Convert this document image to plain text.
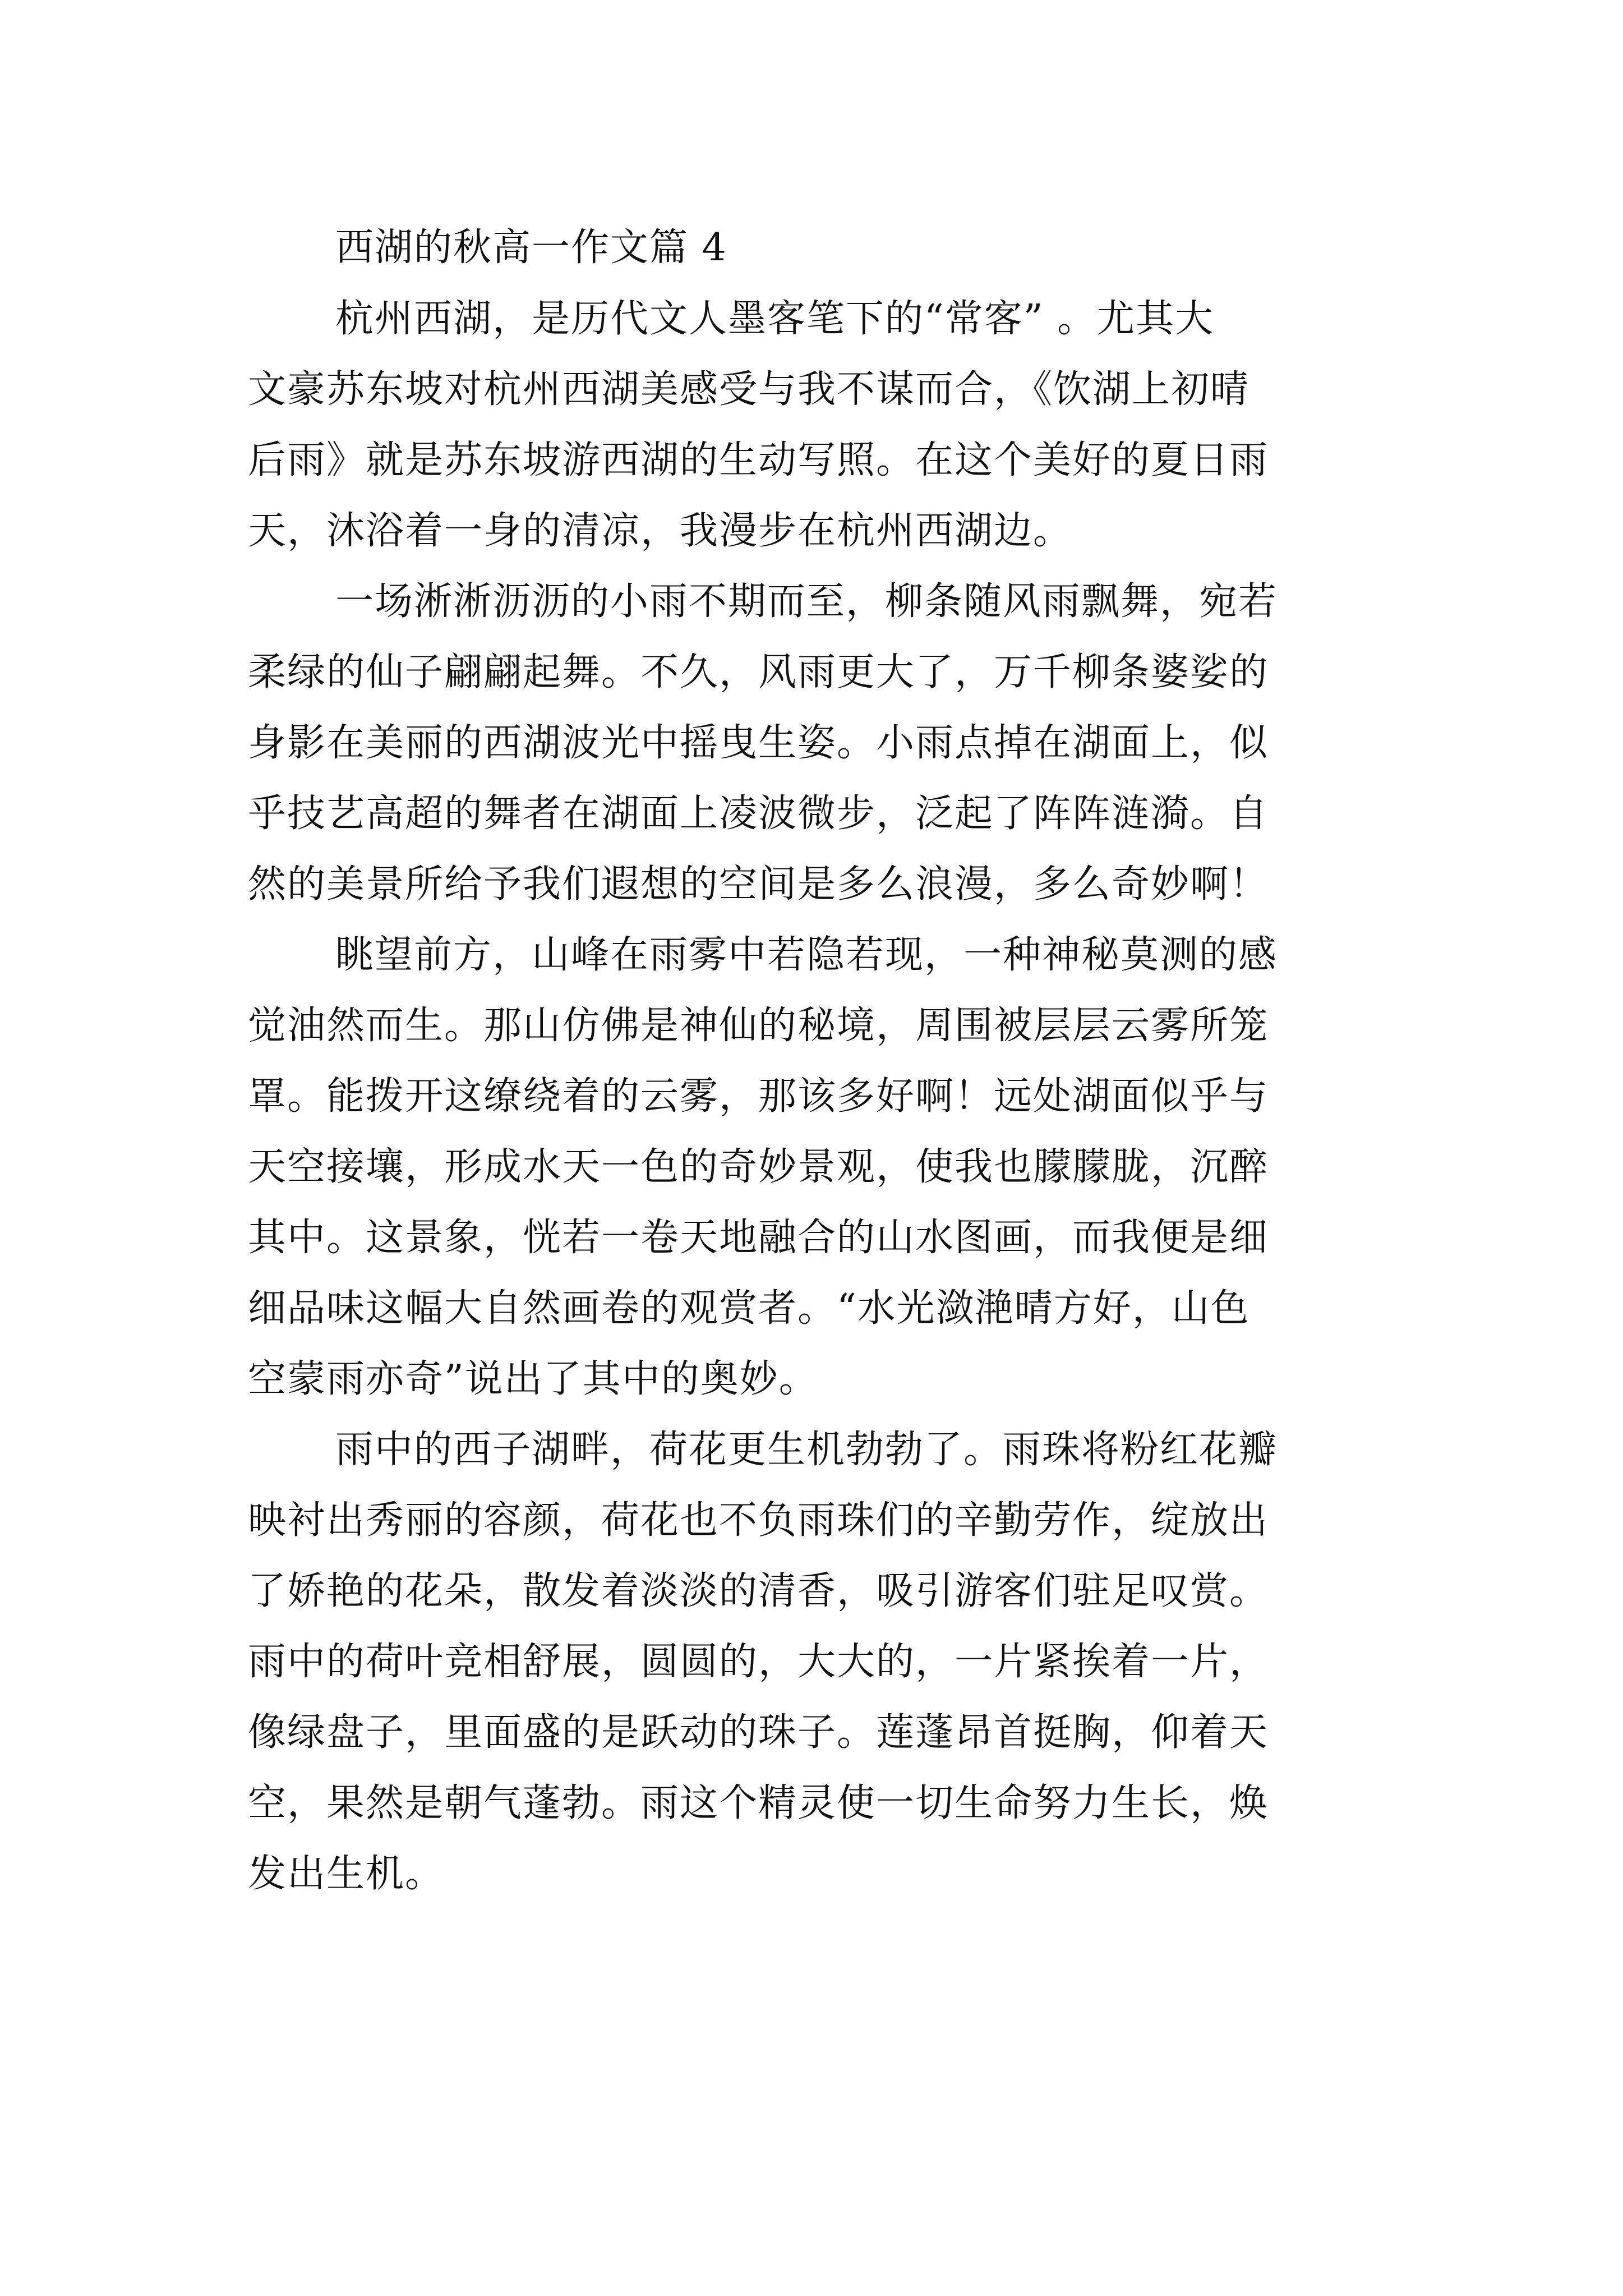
西湖的秋高一作文篇 4

杭州西湖，是历代文人墨客笔下的“常客” 。尤其大

文豪苏东坡对杭州西湖美感受与我不谋而合，《饮湖上初晴

后雨》就是苏东坡游西湖的生动写照。在这个美好的夏日雨

天，沐浴着一身的清凉，我漫步在杭州西湖边。

一场淅淅沥沥的小雨不期而至，柳条随风雨飘舞，宛若

柔绿的仙子翩翩起舞。不久，风雨更大了，万千柳条婆娑的

身影在美丽的西湖波光中摇曳生姿。小雨点掉在湖面上，似

乎技艺高超的舞者在湖面上凌波微步，泛起了阵阵涟漪。自

然的美景所给予我们遐想的空间是多么浪漫，多么奇妙啊！

眺望前方，山峰在雨雾中若隐若现，一种神秘莫测的感

觉油然而生。那山仿佛是神仙的秘境，周围被层层云雾所笼

罩。能拨开这缭绕着的云雾，那该多好啊！远处湖面似乎与

天空接壤，形成水天一色的奇妙景观，使我也朦朦胧，沉醉

其中。这景象，恍若一卷天地融合的山水图画，而我便是细

细品味这幅大自然画卷的观赏者。“水光潋滟晴方好，山色

空蒙雨亦奇”说出了其中的奥妙。

雨中的西子湖畔，荷花更生机勃勃了。雨珠将粉红花瓣

映衬出秀丽的容颜，荷花也不负雨珠们的辛勤劳作，绽放出

了娇艳的花朵，散发着淡淡的清香，吸引游客们驻足叹赏。

雨中的荷叶竞相舒展，圆圆的，大大的，一片紧挨着一片，

像绿盘子，里面盛的是跃动的珠子。莲蓬昂首挺胸，仰着天

空，果然是朝气蓬勃。雨这个精灵使一切生命努力生长，焕

发出生机。
